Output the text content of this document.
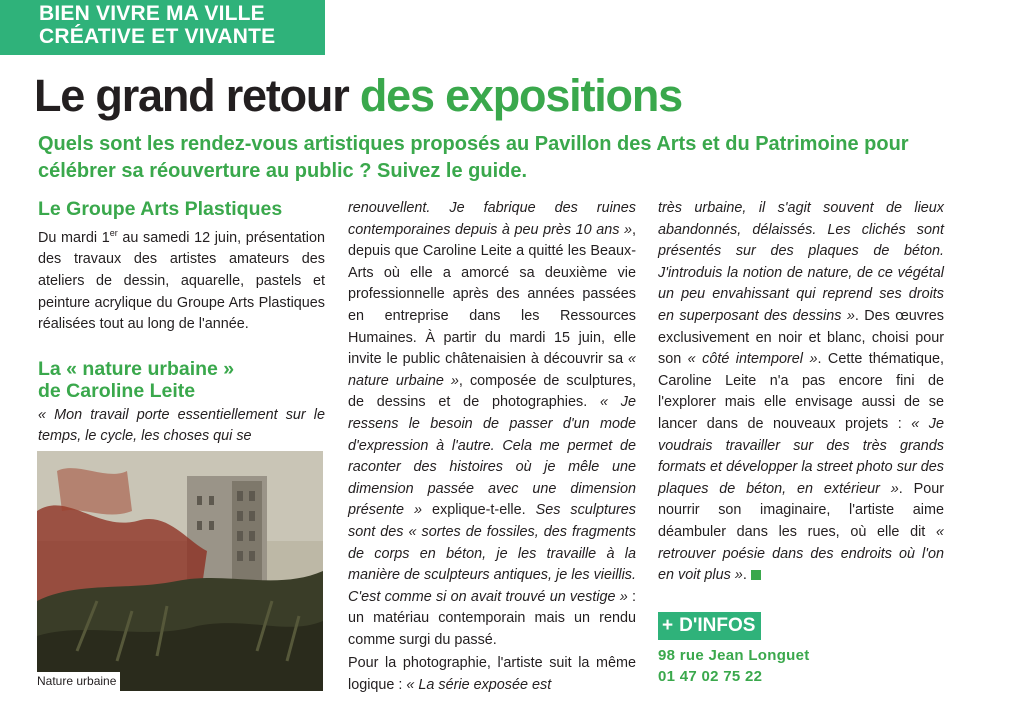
BIEN VIVRE MA VILLE
CRÉATIVE ET VIVANTE
Le grand retour des expositions
Quels sont les rendez-vous artistiques proposés au Pavillon des Arts et du Patrimoine pour célébrer sa réouverture au public ? Suivez le guide.
Le Groupe Arts Plastiques

Du mardi 1er au samedi 12 juin, présentation des travaux des artistes amateurs des ateliers de dessin, aquarelle, pastels et peinture acrylique du Groupe Arts Plastiques réalisées tout au long de l'année.

La « nature urbaine »
de Caroline Leite

« Mon travail porte essentiellement sur le temps, le cycle, les choses qui se

Nature urbaine

renouvellent. Je fabrique des ruines contemporaines depuis à peu près 10 ans », depuis que Caroline Leite a quitté les Beaux-Arts où elle a amorcé sa deuxième vie professionnelle après des années passées en entreprise dans les Ressources Humaines. À partir du mardi 15 juin, elle invite le public châtenaisien à découvrir sa « nature urbaine », composée de sculptures, de dessins et de photographies. « Je ressens le besoin de passer d'un mode d'expression à l'autre. Cela me permet de raconter des histoires où je mêle une dimension passée avec une dimension présente » explique-t-elle. Ses sculptures sont des « sortes de fossiles, des fragments de corps en béton, je les travaille à la manière de sculpteurs antiques, je les vieillis. C'est comme si on avait trouvé un vestige » : un matériau contemporain mais un rendu comme surgi du passé.

Pour la photographie, l'artiste suit la même logique : « La série exposée est

très urbaine, il s'agit souvent de lieux abandonnés, délaissés. Les clichés sont présentés sur des plaques de béton. J'introduis la notion de nature, de ce végétal un peu envahissant qui reprend ses droits en superposant des dessins ». Des œuvres exclusivement en noir et blanc, choisi pour son « côté intemporel ». Cette thématique, Caroline Leite n'a pas encore fini de l'explorer mais elle envisage aussi de se lancer dans de nouveaux projets : « Je voudrais travailler sur des très grands formats et développer la street photo sur des plaques de béton, en extérieur ». Pour nourrir son imaginaire, l'artiste aime déambuler dans les rues, où elle dit « retrouver poésie dans des endroits où l'on en voit plus ».

+ D'INFOS
98 rue Jean Longuet
01 47 02 75 22
